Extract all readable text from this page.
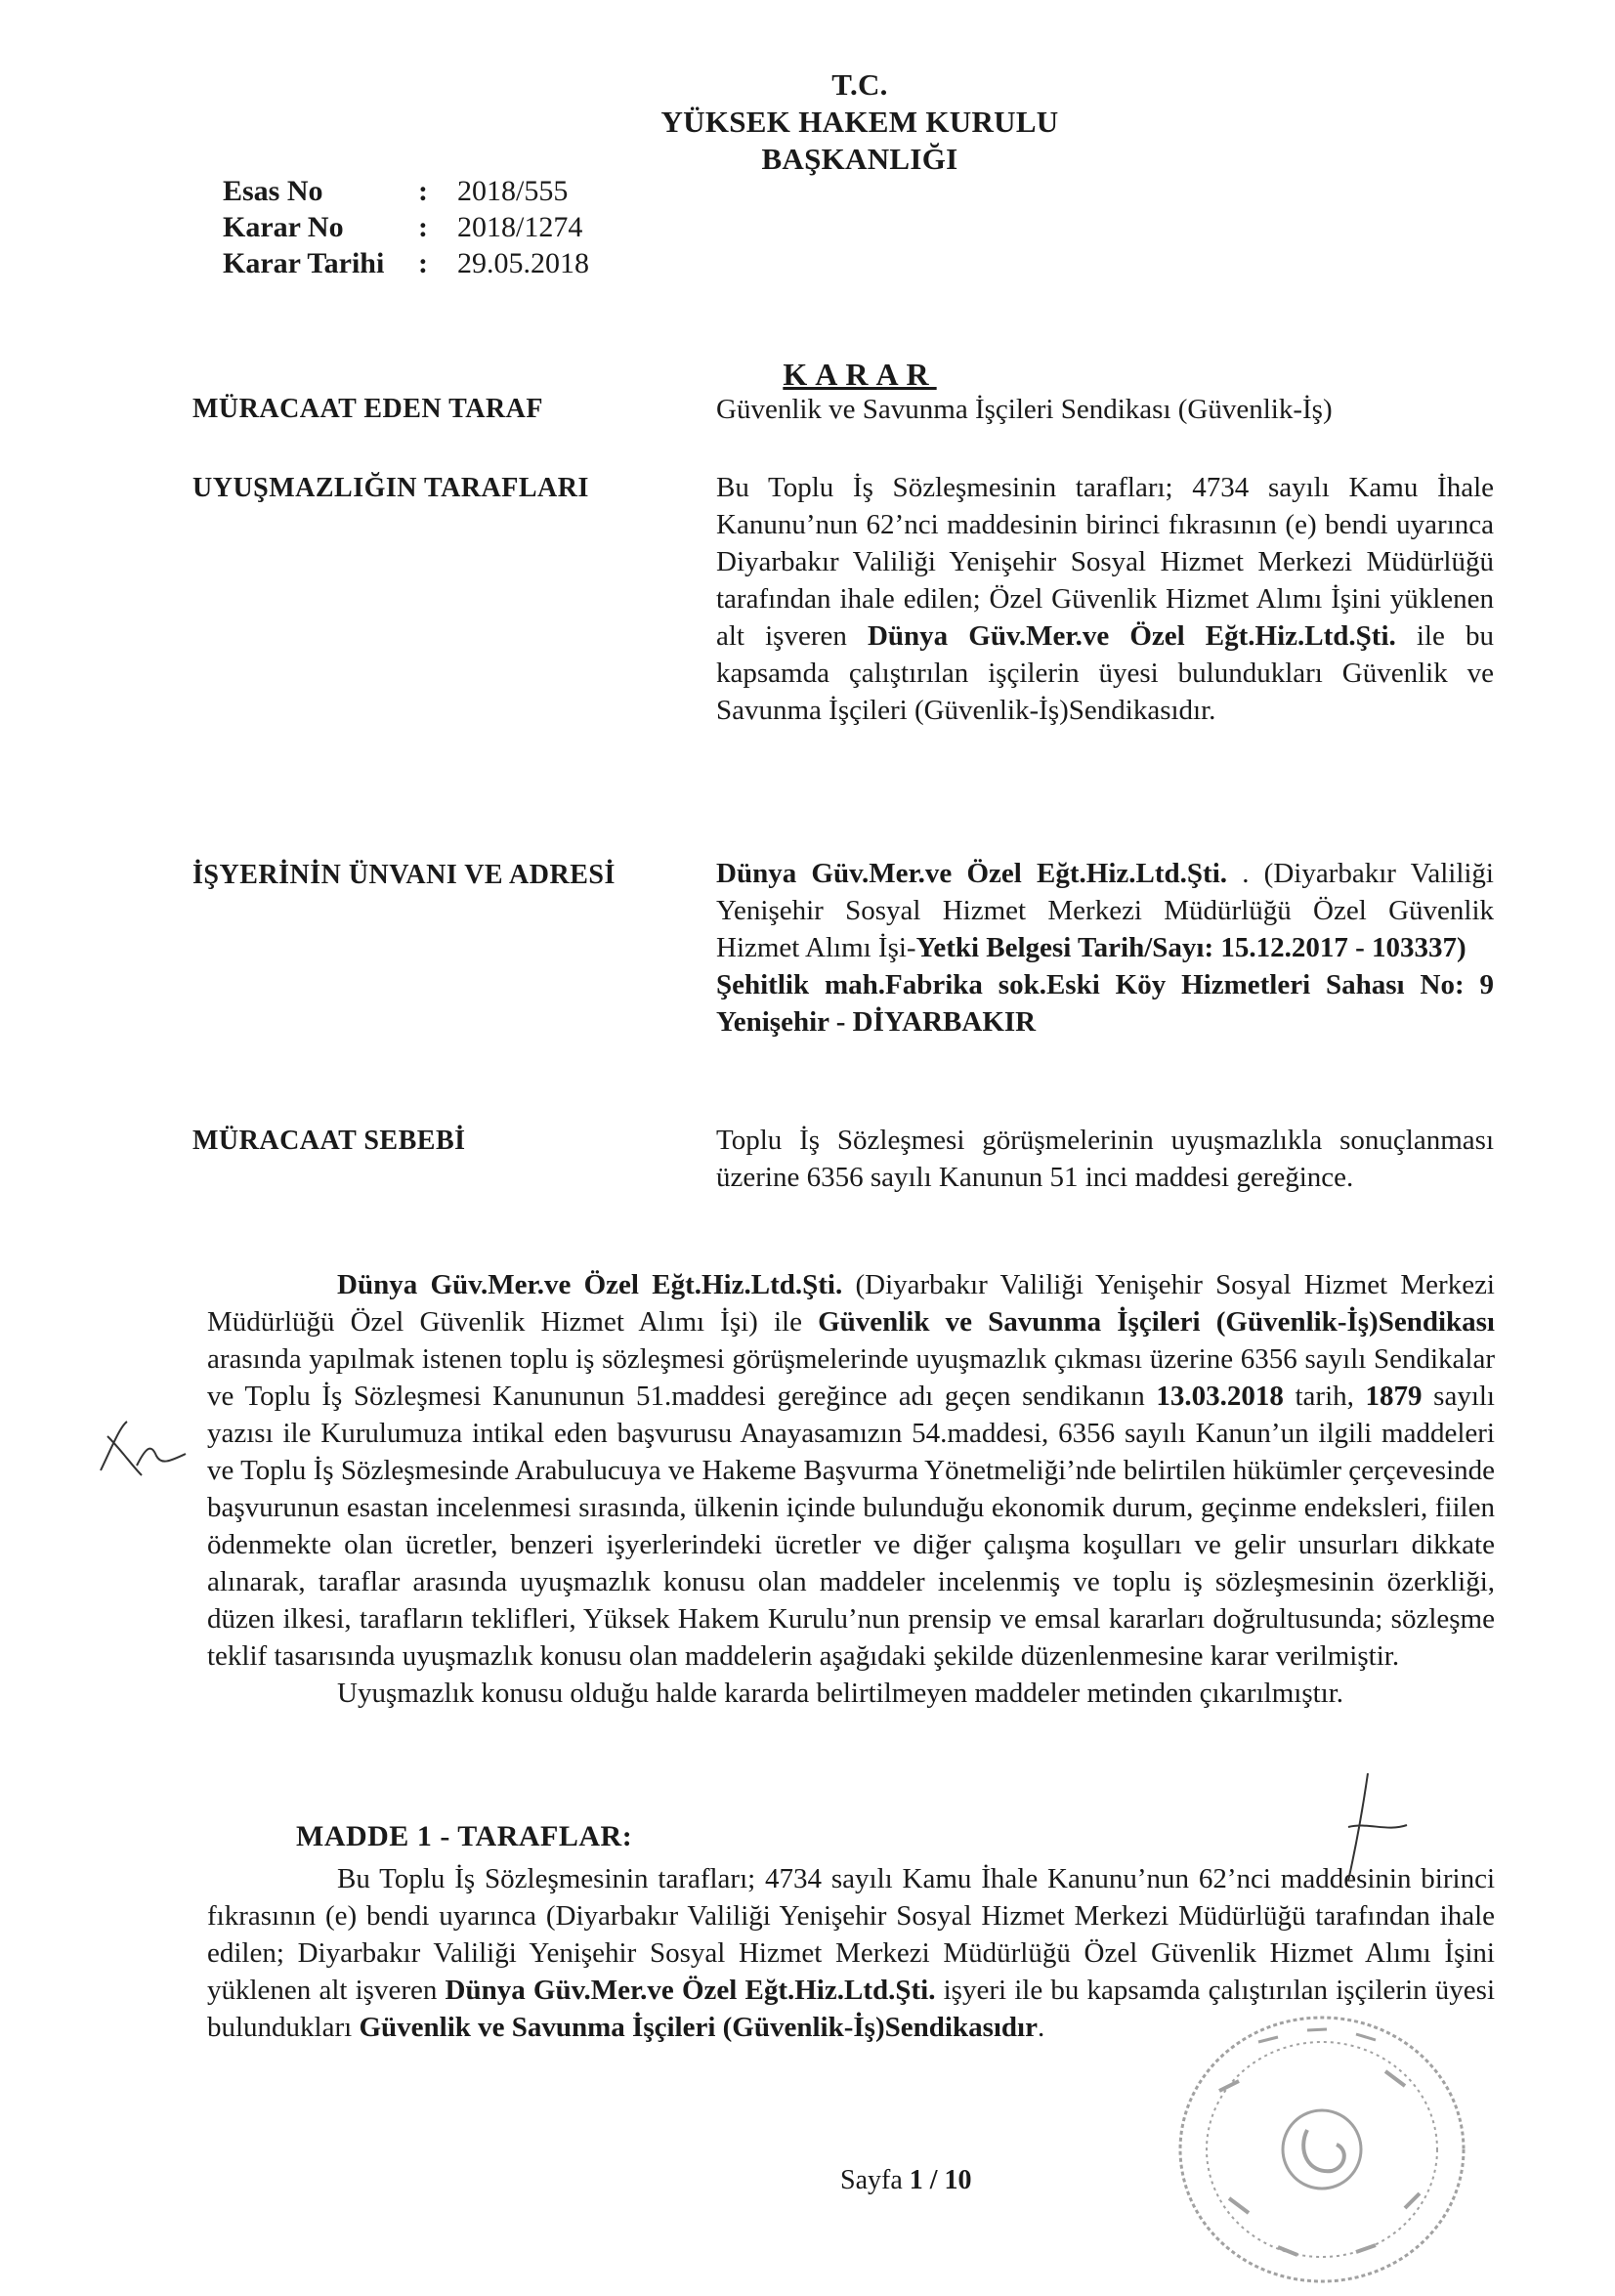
T.C.
YÜKSEK HAKEM KURULU
BAŞKANLIĞI
Esas No	:	2018/555
Karar No	:	2018/1274
Karar Tarihi	:	29.05.2018
KARAR
MÜRACAAT EDEN TARAF	Güvenlik ve Savunma İşçileri Sendikası (Güvenlik-İş)

UYUŞMAZLIĞIN TARAFLARI	Bu Toplu İş Sözleşmesinin tarafları; 4734 sayılı Kamu İhale Kanunu’nun 62’nci maddesinin birinci fıkrasının (e) bendi uyarınca Diyarbakır Valiliği Yenişehir Sosyal Hizmet Merkezi Müdürlüğü tarafından ihale edilen; Özel Güvenlik Hizmet Alımı İşini yüklenen alt işveren Dünya Güv.Mer.ve Özel Eğt.Hiz.Ltd.Şti. ile bu kapsamda çalıştırılan işçilerin üyesi bulundukları Güvenlik ve Savunma İşçileri (Güvenlik-İş)Sendikasıdır.

İŞYERİNİN ÜNVANI VE ADRESİ	Dünya Güv.Mer.ve Özel Eğt.Hiz.Ltd.Şti. . (Diyarbakır Valiliği Yenişehir Sosyal Hizmet Merkezi Müdürlüğü Özel Güvenlik Hizmet Alımı İşi-Yetki Belgesi Tarih/Sayı: 15.12.2017 - 103337)

Şehitlik mah.Fabrika sok.Eski Köy Hizmetleri Sahası No: 9 Yenişehir - DİYARBAKIR

MÜRACAAT SEBEBİ	Toplu İş Sözleşmesi görüşmelerinin uyuşmazlıkla sonuçlanması üzerine 6356 sayılı Kanunun 51 inci maddesi gereğince.

Dünya Güv.Mer.ve Özel Eğt.Hiz.Ltd.Şti. (Diyarbakır Valiliği Yenişehir Sosyal Hizmet Merkezi Müdürlüğü Özel Güvenlik Hizmet Alımı İşi) ile Güvenlik ve Savunma İşçileri (Güvenlik-İş)Sendikası arasında yapılmak istenen toplu iş sözleşmesi görüşmelerinde uyuşmazlık çıkması üzerine 6356 sayılı Sendikalar ve Toplu İş Sözleşmesi Kanununun 51.maddesi gereğince adı geçen sendikanın 13.03.2018 tarih, 1879 sayılı yazısı ile Kurulumuza intikal eden başvurusu Anayasamızın 54.maddesi, 6356 sayılı Kanun’un ilgili maddeleri ve Toplu İş Sözleşmesinde Arabulucuya ve Hakeme Başvurma Yönetmeliği’nde belirtilen hükümler çerçevesinde başvurunun esastan incelenmesi sırasında, ülkenin içinde bulunduğu ekonomik durum, geçinme endeksleri, fiilen ödenmekte olan ücretler, benzeri işyerlerindeki ücretler ve diğer çalışma koşulları ve gelir unsurları dikkate alınarak, taraflar arasında uyuşmazlık konusu olan maddeler incelenmiş ve toplu iş sözleşmesinin özerkliği, düzen ilkesi, tarafların teklifleri, Yüksek Hakem Kurulu’nun prensip ve emsal kararları doğrultusunda; sözleşme teklif tasarısında uyuşmazlık konusu olan maddelerin aşağıdaki şekilde düzenlenmesine karar verilmiştir.

Uyuşmazlık konusu olduğu halde kararda belirtilmeyen maddeler metinden çıkarılmıştır.

MADDE 1 - TARAFLAR:

Bu Toplu İş Sözleşmesinin tarafları; 4734 sayılı Kamu İhale Kanunu’nun 62’nci maddesinin birinci fıkrasının (e) bendi uyarınca (Diyarbakır Valiliği Yenişehir Sosyal Hizmet Merkezi Müdürlüğü tarafından ihale edilen; Diyarbakır Valiliği Yenişehir Sosyal Hizmet Merkezi Müdürlüğü Özel Güvenlik Hizmet Alımı İşini yüklenen alt işveren Dünya Güv.Mer.ve Özel Eğt.Hiz.Ltd.Şti. işyeri ile bu kapsamda çalıştırılan işçilerin üyesi bulundukları Güvenlik ve Savunma İşçileri (Güvenlik-İş)Sendikasıdır.

Sayfa 1 / 10
